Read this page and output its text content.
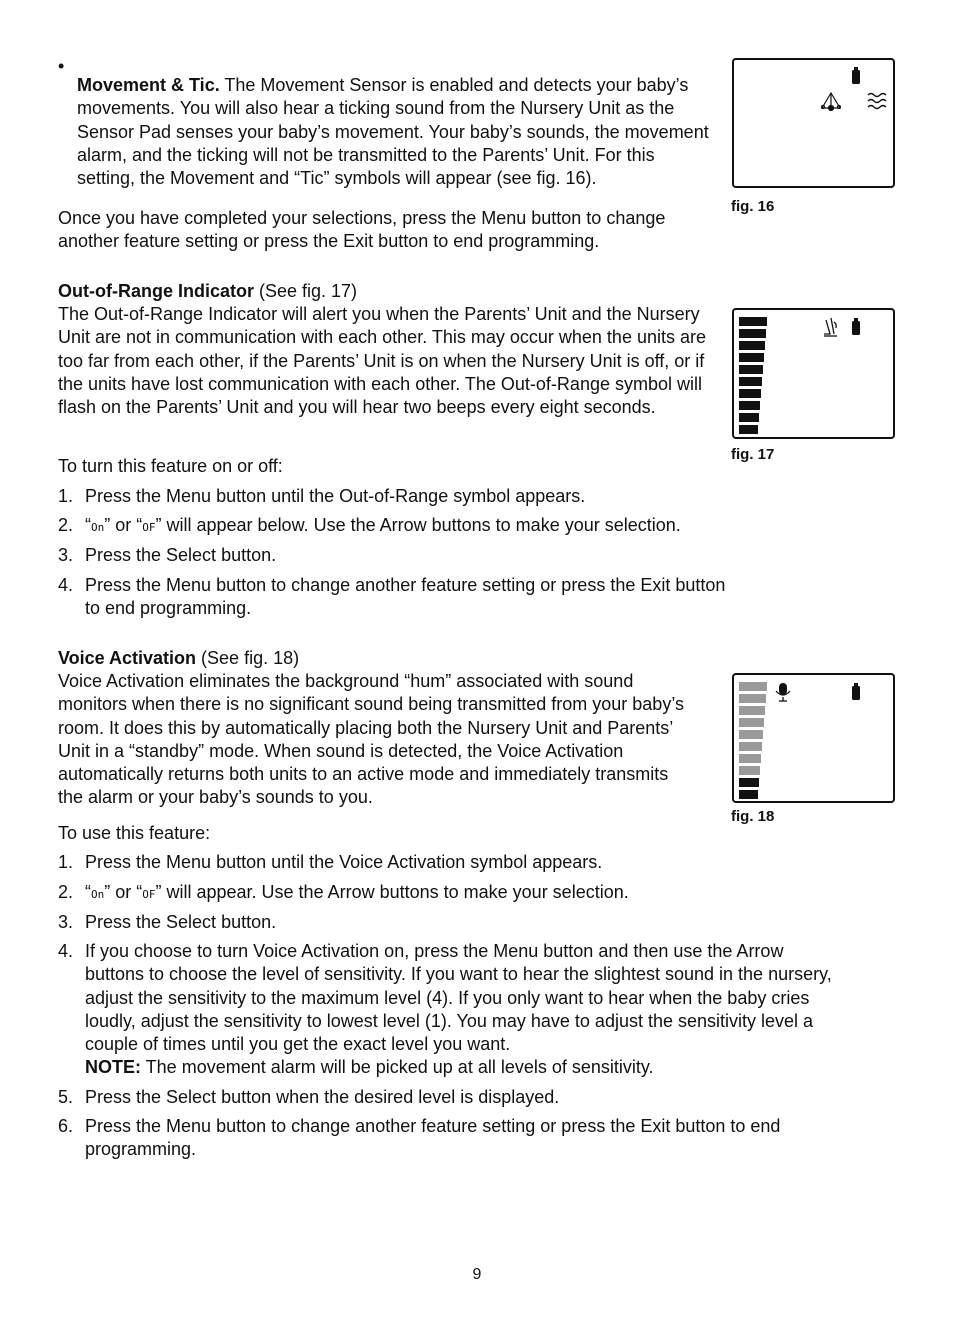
•

Movement & Tic. The Movement Sensor is enabled and detects your baby’s movements. You will also hear a ticking sound from the Nursery Unit as the Sensor Pad senses your baby’s movement. Your baby’s sounds, the movement alarm, and the ticking will not be transmitted to the Parents’ Unit. For this setting, the Movement and “Tic” symbols will appear (see fig. 16).

Once you have completed your selections, press the Menu button to change another feature setting or press the Exit button to end programming.

Out-of-Range Indicator (See fig. 17)

The Out-of-Range Indicator will alert you when the Parents’ Unit and the Nursery Unit are not in communication with each other. This may occur when the units are too far from each other, if the Parents’ Unit is on when the Nursery Unit is off, or if the units have lost communication with each other. The Out-of-Range symbol will flash on the Parents’ Unit and you will hear two beeps every eight seconds.

To turn this feature on or off:

1. Press the Menu button until the Out-of-Range symbol appears.
2. “On” or “OF” will appear below. Use the Arrow buttons to make your selection.
3. Press the Select button.
4. Press the Menu button to change another feature setting or press the Exit button to end programming.

Voice Activation (See fig. 18)

Voice Activation eliminates the background “hum” associated with sound monitors when there is no significant sound being transmitted from your baby’s room. It does this by automatically placing both the Nursery Unit and Parents’ Unit in a “standby” mode. When sound is detected, the Voice Activation automatically returns both units to an active mode and immediately transmits the alarm or your baby’s sounds to you.

To use this feature:

1. Press the Menu button until the Voice Activation symbol appears.
2. “On” or “OF” will appear. Use the Arrow buttons to make your selection.
3. Press the Select button.
4. If you choose to turn Voice Activation on, press the Menu button and then use the Arrow buttons to choose the level of sensitivity. If you want to hear the slightest sound in the nursery, adjust the sensitivity to the maximum level (4). If you only want to hear when the baby cries loudly, adjust the sensitivity to lowest level (1). You may have to adjust the sensitivity level a couple of times until you get the exact level you want.
NOTE: The movement alarm will be picked up at all levels of sensitivity.
5. Press the Select button when the desired level is displayed.
6. Press the Menu button to change another feature setting or press the Exit button to end programming.
fig. 16
fig. 17
fig. 18
9
